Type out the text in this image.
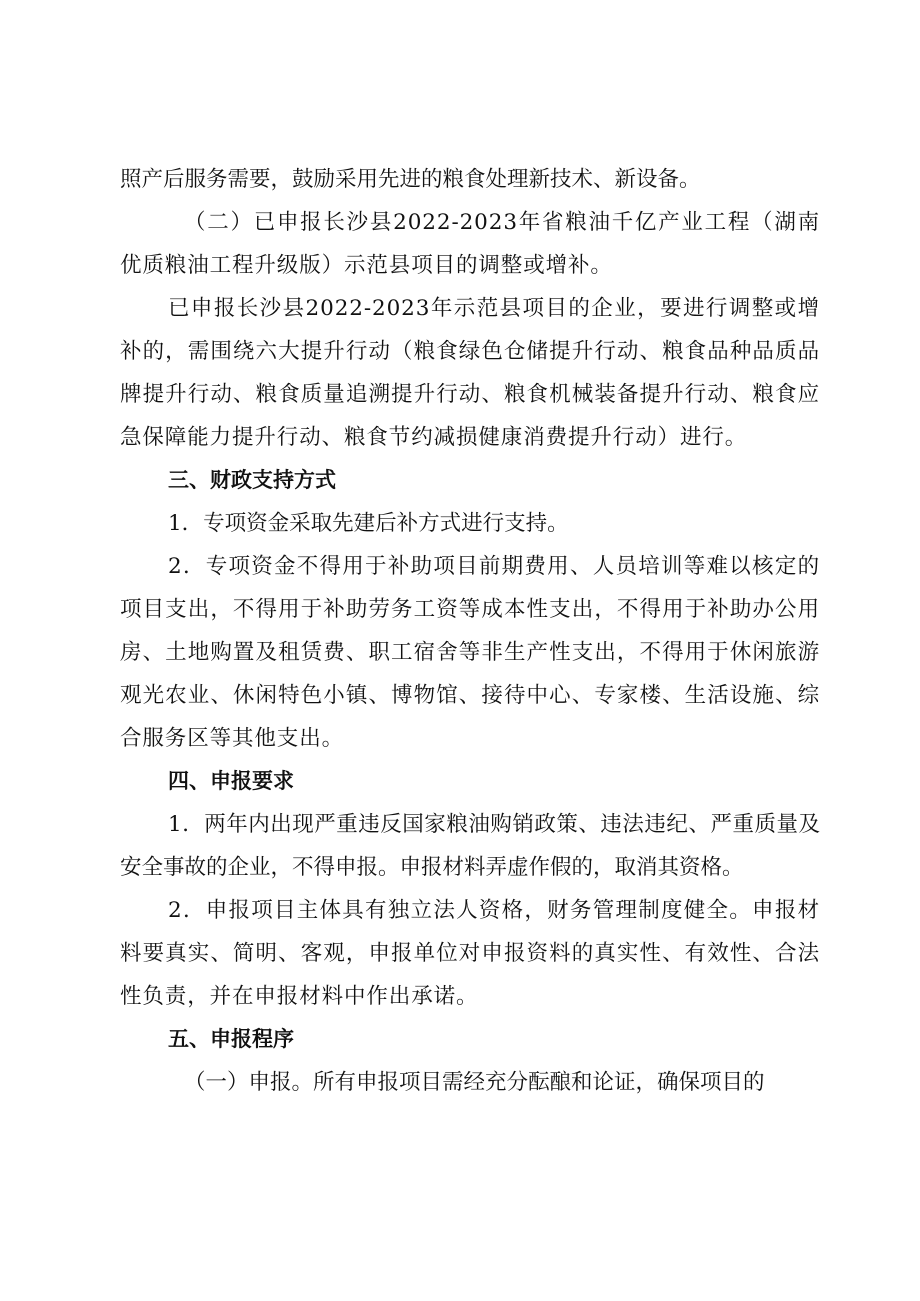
照产后服务需要，鼓励采用先进的粮食处理新技术、新设备。

（二）已申报长沙县2022-2023年省粮油千亿产业工程（湖南优质粮油工程升级版）示范县项目的调整或增补。

已申报长沙县2022-2023年示范县项目的企业，要进行调整或增补的，需围绕六大提升行动（粮食绿色仓储提升行动、粮食品种品质品牌提升行动、粮食质量追溯提升行动、粮食机械装备提升行动、粮食应急保障能力提升行动、粮食节约减损健康消费提升行动）进行。

三、财政支持方式

1．专项资金采取先建后补方式进行支持。

2．专项资金不得用于补助项目前期费用、人员培训等难以核定的项目支出，不得用于补助劳务工资等成本性支出，不得用于补助办公用房、土地购置及租赁费、职工宿舍等非生产性支出，不得用于休闲旅游观光农业、休闲特色小镇、博物馆、接待中心、专家楼、生活设施、综合服务区等其他支出。

四、申报要求

1．两年内出现严重违反国家粮油购销政策、违法违纪、严重质量及安全事故的企业，不得申报。申报材料弄虚作假的，取消其资格。

2．申报项目主体具有独立法人资格，财务管理制度健全。申报材料要真实、简明、客观，申报单位对申报资料的真实性、有效性、合法性负责，并在申报材料中作出承诺。

五、申报程序

（一）申报。所有申报项目需经充分酝酿和论证，确保项目的
